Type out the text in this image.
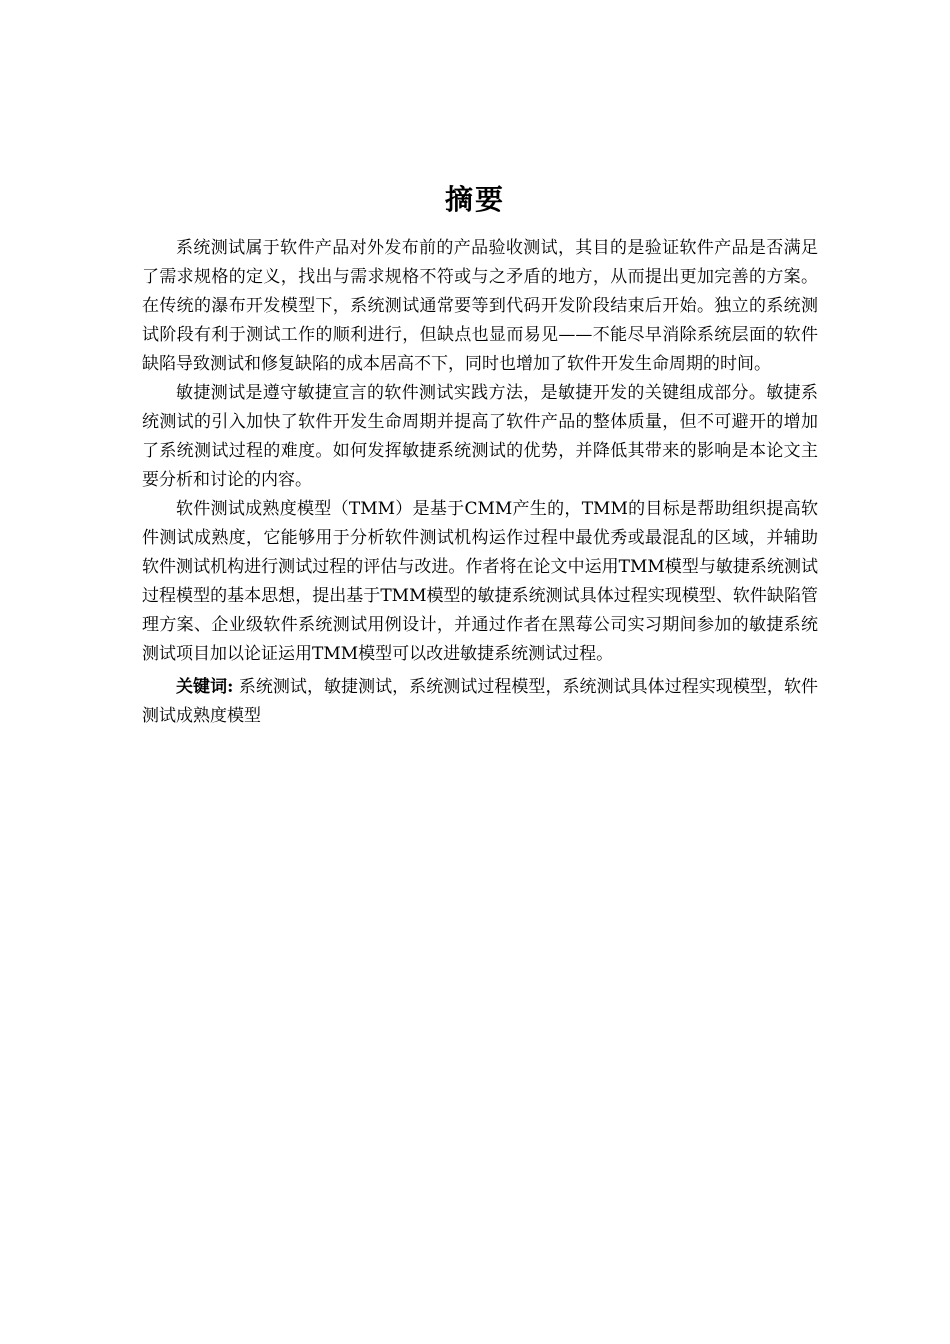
摘要

系统测试属于软件产品对外发布前的产品验收测试，其目的是验证软件产品是否满足了需求规格的定义，找出与需求规格不符或与之矛盾的地方，从而提出更加完善的方案。在传统的瀑布开发模型下，系统测试通常要等到代码开发阶段结束后开始。独立的系统测试阶段有利于测试工作的顺利进行，但缺点也显而易见——不能尽早消除系统层面的软件缺陷导致测试和修复缺陷的成本居高不下，同时也增加了软件开发生命周期的时间。

敏捷测试是遵守敏捷宣言的软件测试实践方法，是敏捷开发的关键组成部分。敏捷系统测试的引入加快了软件开发生命周期并提高了软件产品的整体质量，但不可避开的增加了系统测试过程的难度。如何发挥敏捷系统测试的优势，并降低其带来的影响是本论文主要分析和讨论的内容。

软件测试成熟度模型（TMM）是基于CMM产生的，TMM的目标是帮助组织提高软件测试成熟度，它能够用于分析软件测试机构运作过程中最优秀或最混乱的区域，并辅助软件测试机构进行测试过程的评估与改进。作者将在论文中运用TMM模型与敏捷系统测试过程模型的基本思想，提出基于TMM模型的敏捷系统测试具体过程实现模型、软件缺陷管理方案、企业级软件系统测试用例设计，并通过作者在黑莓公司实习期间参加的敏捷系统测试项目加以论证运用TMM模型可以改进敏捷系统测试过程。

关键词: 系统测试，敏捷测试，系统测试过程模型，系统测试具体过程实现模型，软件测试成熟度模型
